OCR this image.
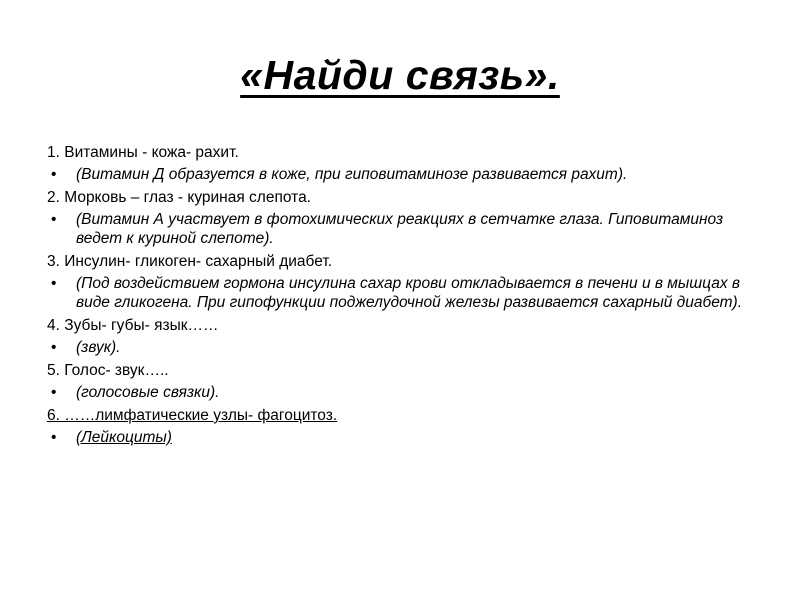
«Найди связь».
1. Витамины - кожа- рахит.
• (Витамин Д образуется в коже, при гиповитаминозе развивается рахит).
2. Морковь – глаз - куриная слепота.
• (Витамин А участвует в фотохимических реакциях в сетчатке глаза. Гиповитаминоз ведет к куриной слепоте).
3. Инсулин- гликоген- сахарный диабет.
• (Под воздействием гормона инсулина сахар крови откладывается в печени и в мышцах в виде гликогена. При гипофункции поджелудочной железы развивается сахарный диабет).
4. Зубы- губы- язык……
• (звук).
5. Голос- звук…..
• (голосовые связки).
6. ……лимфатические узлы- фагоцитоз.
• (Лейкоциты)
